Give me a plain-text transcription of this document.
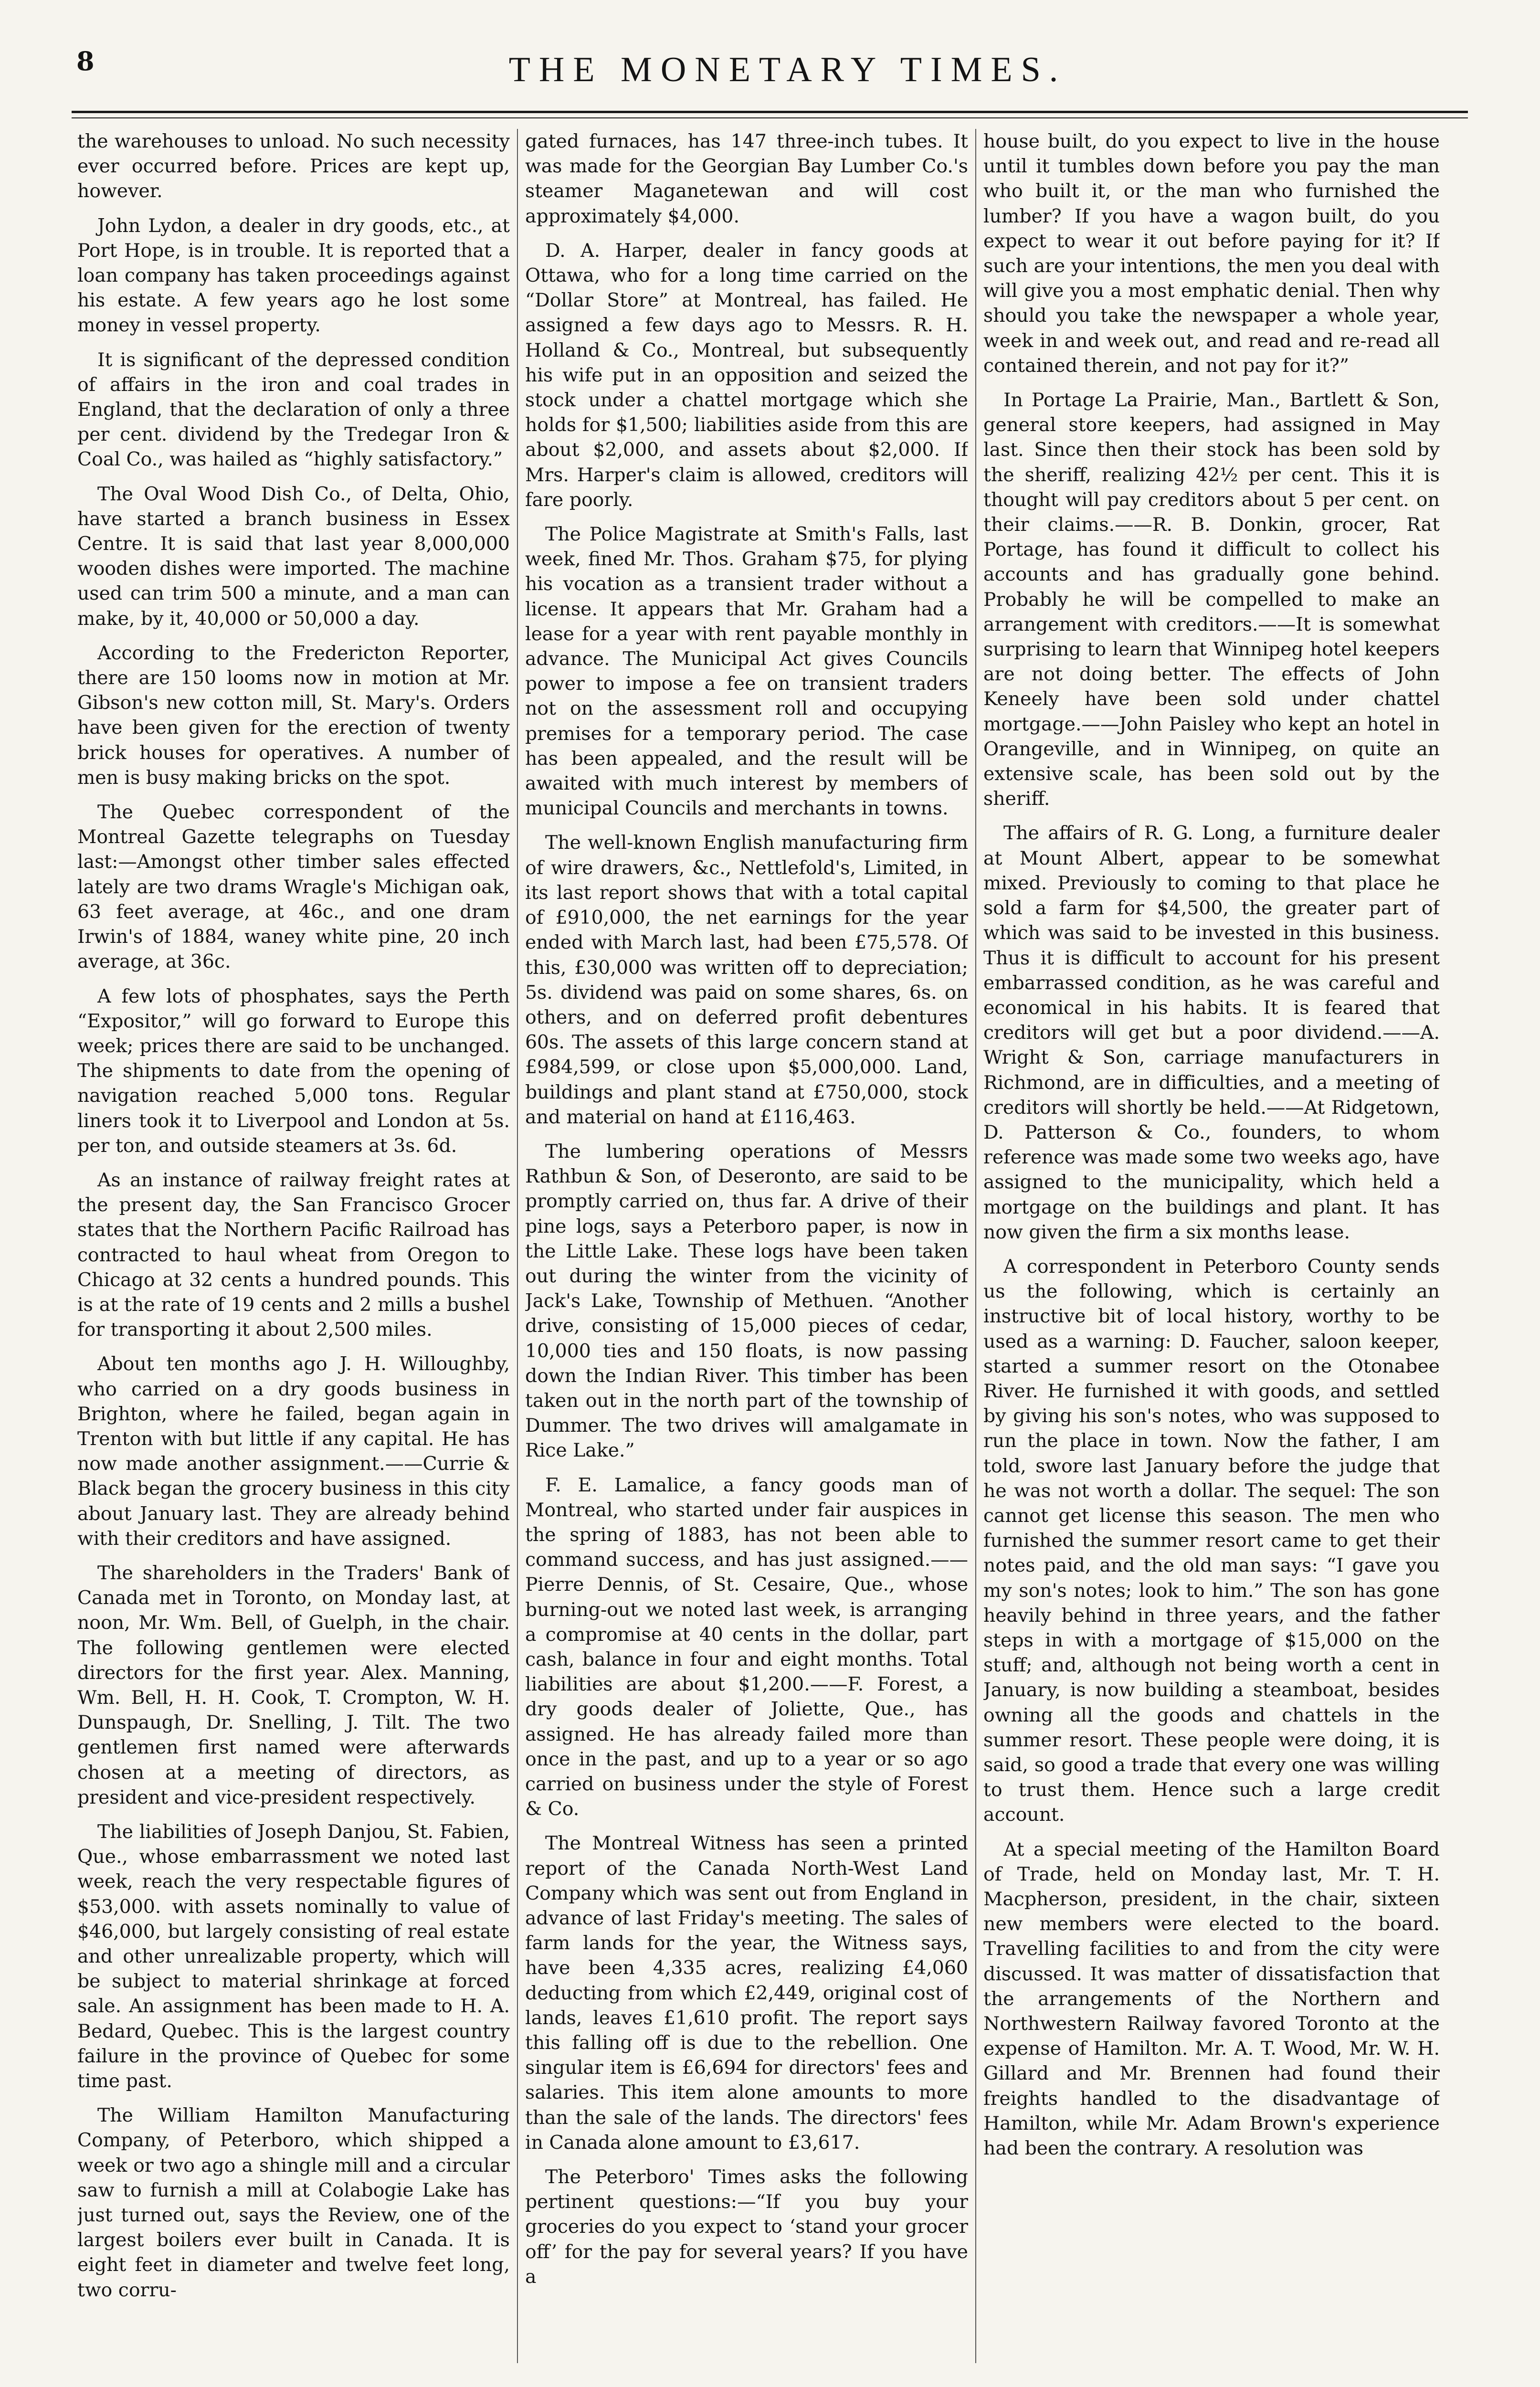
8	THE MONETARY TIMES.

the warehouses to unload. No such necessity ever occurred before. Prices are kept up, however.

John Lydon, a dealer in dry goods, etc., at Port Hope, is in trouble. It is reported that a loan company has taken proceedings against his estate. A few years ago he lost some money in vessel property.

It is significant of the depressed condition of affairs in the iron and coal trades in England, that the declaration of only a three per cent. dividend by the Tredegar Iron & Coal Co., was hailed as “highly satisfactory.”

The Oval Wood Dish Co., of Delta, Ohio, have started a branch business in Essex Centre. It is said that last year 8,000,000 wooden dishes were imported. The machine used can trim 500 a minute, and a man can make, by it, 40,000 or 50,000 a day.

According to the Fredericton Reporter, there are 150 looms now in motion at Mr. Gibson's new cotton mill, St. Mary's. Orders have been given for the erection of twenty brick houses for operatives. A number of men is busy making bricks on the spot.

The Quebec correspondent of the Montreal Gazette telegraphs on Tuesday last:—Amongst other timber sales effected lately are two drams Wragle's Michigan oak, 63 feet average, at 46c., and one dram Irwin's of 1884, waney white pine, 20 inch average, at 36c.

A few lots of phosphates, says the Perth “Expositor,” will go forward to Europe this week; prices there are said to be unchanged. The shipments to date from the opening of navigation reached 5,000 tons. Regular liners took it to Liverpool and London at 5s. per ton, and outside steamers at 3s. 6d.

As an instance of railway freight rates at the present day, the San Francisco Grocer states that the Northern Pacific Railroad has contracted to haul wheat from Oregon to Chicago at 32 cents a hundred pounds. This is at the rate of 19 cents and 2 mills a bushel for transporting it about 2,500 miles.

About ten months ago J. H. Willoughby, who carried on a dry goods business in Brighton, where he failed, began again in Trenton with but little if any capital. He has now made another assignment.——Currie & Black began the grocery business in this city about January last. They are already behind with their creditors and have assigned.

The shareholders in the Traders' Bank of Canada met in Toronto, on Monday last, at noon, Mr. Wm. Bell, of Guelph, in the chair. The following gentlemen were elected directors for the first year. Alex. Manning, Wm. Bell, H. H. Cook, T. Crompton, W. H. Dunspaugh, Dr. Snelling, J. Tilt. The two gentlemen first named were afterwards chosen at a meeting of directors, as president and vice-president respectively.

The liabilities of Joseph Danjou, St. Fabien, Que., whose embarrassment we noted last week, reach the very respectable figures of $53,000. with assets nominally to value of $46,000, but largely consisting of real estate and other unrealizable property, which will be subject to material shrinkage at forced sale. An assignment has been made to H. A. Bedard, Quebec. This is the largest country failure in the province of Quebec for some time past.

The William Hamilton Manufacturing Company, of Peterboro, which shipped a week or two ago a shingle mill and a circular saw to furnish a mill at Colabogie Lake has just turned out, says the Review, one of the largest boilers ever built in Canada. It is eight feet in diameter and twelve feet long, two corru-

gated furnaces, has 147 three-inch tubes. It was made for the Georgian Bay Lumber Co.'s steamer Maganetewan and will cost approximately $4,000.

D. A. Harper, dealer in fancy goods at Ottawa, who for a long time carried on the “Dollar Store” at Montreal, has failed. He assigned a few days ago to Messrs. R. H. Holland & Co., Montreal, but subsequently his wife put in an opposition and seized the stock under a chattel mortgage which she holds for $1,500; liabilities aside from this are about $2,000, and assets about $2,000. If Mrs. Harper's claim is allowed, creditors will fare poorly.

The Police Magistrate at Smith's Falls, last week, fined Mr. Thos. Graham $75, for plying his vocation as a transient trader without a license. It appears that Mr. Graham had a lease for a year with rent payable monthly in advance. The Municipal Act gives Councils power to impose a fee on transient traders not on the assessment roll and occupying premises for a temporary period. The case has been appealed, and the result will be awaited with much interest by members of municipal Councils and merchants in towns.

The well-known English manufacturing firm of wire drawers, &c., Nettlefold's, Limited, in its last report shows that with a total capital of £910,000, the net earnings for the year ended with March last, had been £75,578. Of this, £30,000 was written off to depreciation; 5s. dividend was paid on some shares, 6s. on others, and on deferred profit debentures 60s. The assets of this large concern stand at £984,599, or close upon $5,000,000. Land, buildings and plant stand at £750,000, stock and material on hand at £116,463.

The lumbering operations of Messrs Rathbun & Son, of Deseronto, are said to be promptly carried on, thus far. A drive of their pine logs, says a Peterboro paper, is now in the Little Lake. These logs have been taken out during the winter from the vicinity of Jack's Lake, Township of Methuen. “Another drive, consisting of 15,000 pieces of cedar, 10,000 ties and 150 floats, is now passing down the Indian River. This timber has been taken out in the north part of the township of Dummer. The two drives will amalgamate in Rice Lake.”

F. E. Lamalice, a fancy goods man of Montreal, who started under fair auspices in the spring of 1883, has not been able to command success, and has just assigned.——Pierre Dennis, of St. Cesaire, Que., whose burning-out we noted last week, is arranging a compromise at 40 cents in the dollar, part cash, balance in four and eight months. Total liabilities are about $1,200.——F. Forest, a dry goods dealer of Joliette, Que., has assigned. He has already failed more than once in the past, and up to a year or so ago carried on business under the style of Forest & Co.

The Montreal Witness has seen a printed report of the Canada North-West Land Company which was sent out from England in advance of last Friday's meeting. The sales of farm lands for the year, the Witness says, have been 4,335 acres, realizing £4,060 deducting from which £2,449, original cost of lands, leaves £1,610 profit. The report says this falling off is due to the rebellion. One singular item is £6,694 for directors' fees and salaries. This item alone amounts to more than the sale of the lands. The directors' fees in Canada alone amount to £3,617.

The Peterboro' Times asks the following pertinent questions:—“If you buy your groceries do you expect to ‘stand your grocer off’ for the pay for several years? If you have a

house built, do you expect to live in the house until it tumbles down before you pay the man who built it, or the man who furnished the lumber? If you have a wagon built, do you expect to wear it out before paying for it? If such are your intentions, the men you deal with will give you a most emphatic denial. Then why should you take the newspaper a whole year, week in and week out, and read and re-read all contained therein, and not pay for it?”

In Portage La Prairie, Man., Bartlett & Son, general store keepers, had assigned in May last. Since then their stock has been sold by the sheriff, realizing 42½ per cent. This it is thought will pay creditors about 5 per cent. on their claims.——R. B. Donkin, grocer, Rat Portage, has found it difficult to collect his accounts and has gradually gone behind. Probably he will be compelled to make an arrangement with creditors.——It is somewhat surprising to learn that Winnipeg hotel keepers are not doing better. The effects of John Keneely have been sold under chattel mortgage.——John Paisley who kept an hotel in Orangeville, and in Winnipeg, on quite an extensive scale, has been sold out by the sheriff.

The affairs of R. G. Long, a furniture dealer at Mount Albert, appear to be somewhat mixed. Previously to coming to that place he sold a farm for $4,500, the greater part of which was said to be invested in this business. Thus it is difficult to account for his present embarrassed condition, as he was careful and economical in his habits. It is feared that creditors will get but a poor dividend.——A. Wright & Son, carriage manufacturers in Richmond, are in difficulties, and a meeting of creditors will shortly be held.——At Ridgetown, D. Patterson & Co., founders, to whom reference was made some two weeks ago, have assigned to the municipality, which held a mortgage on the buildings and plant. It has now given the firm a six months lease.

A correspondent in Peterboro County sends us the following, which is certainly an instructive bit of local history, worthy to be used as a warning: D. Faucher, saloon keeper, started a summer resort on the Otonabee River. He furnished it with goods, and settled by giving his son's notes, who was supposed to run the place in town. Now the father, I am told, swore last January before the judge that he was not worth a dollar. The sequel: The son cannot get license this season. The men who furnished the summer resort came to get their notes paid, and the old man says: “I gave you my son's notes; look to him.” The son has gone heavily behind in three years, and the father steps in with a mortgage of $15,000 on the stuff; and, although not being worth a cent in January, is now building a steamboat, besides owning all the goods and chattels in the summer resort. These people were doing, it is said, so good a trade that every one was willing to trust them. Hence such a large credit account.

At a special meeting of the Hamilton Board of Trade, held on Monday last, Mr. T. H. Macpherson, president, in the chair, sixteen new members were elected to the board. Travelling facilities to and from the city were discussed. It was matter of dissatisfaction that the arrangements of the Northern and Northwestern Railway favored Toronto at the expense of Hamilton. Mr. A. T. Wood, Mr. W. H. Gillard and Mr. Brennen had found their freights handled to the disadvantage of Hamilton, while Mr. Adam Brown's experience had been the contrary. A resolution was
